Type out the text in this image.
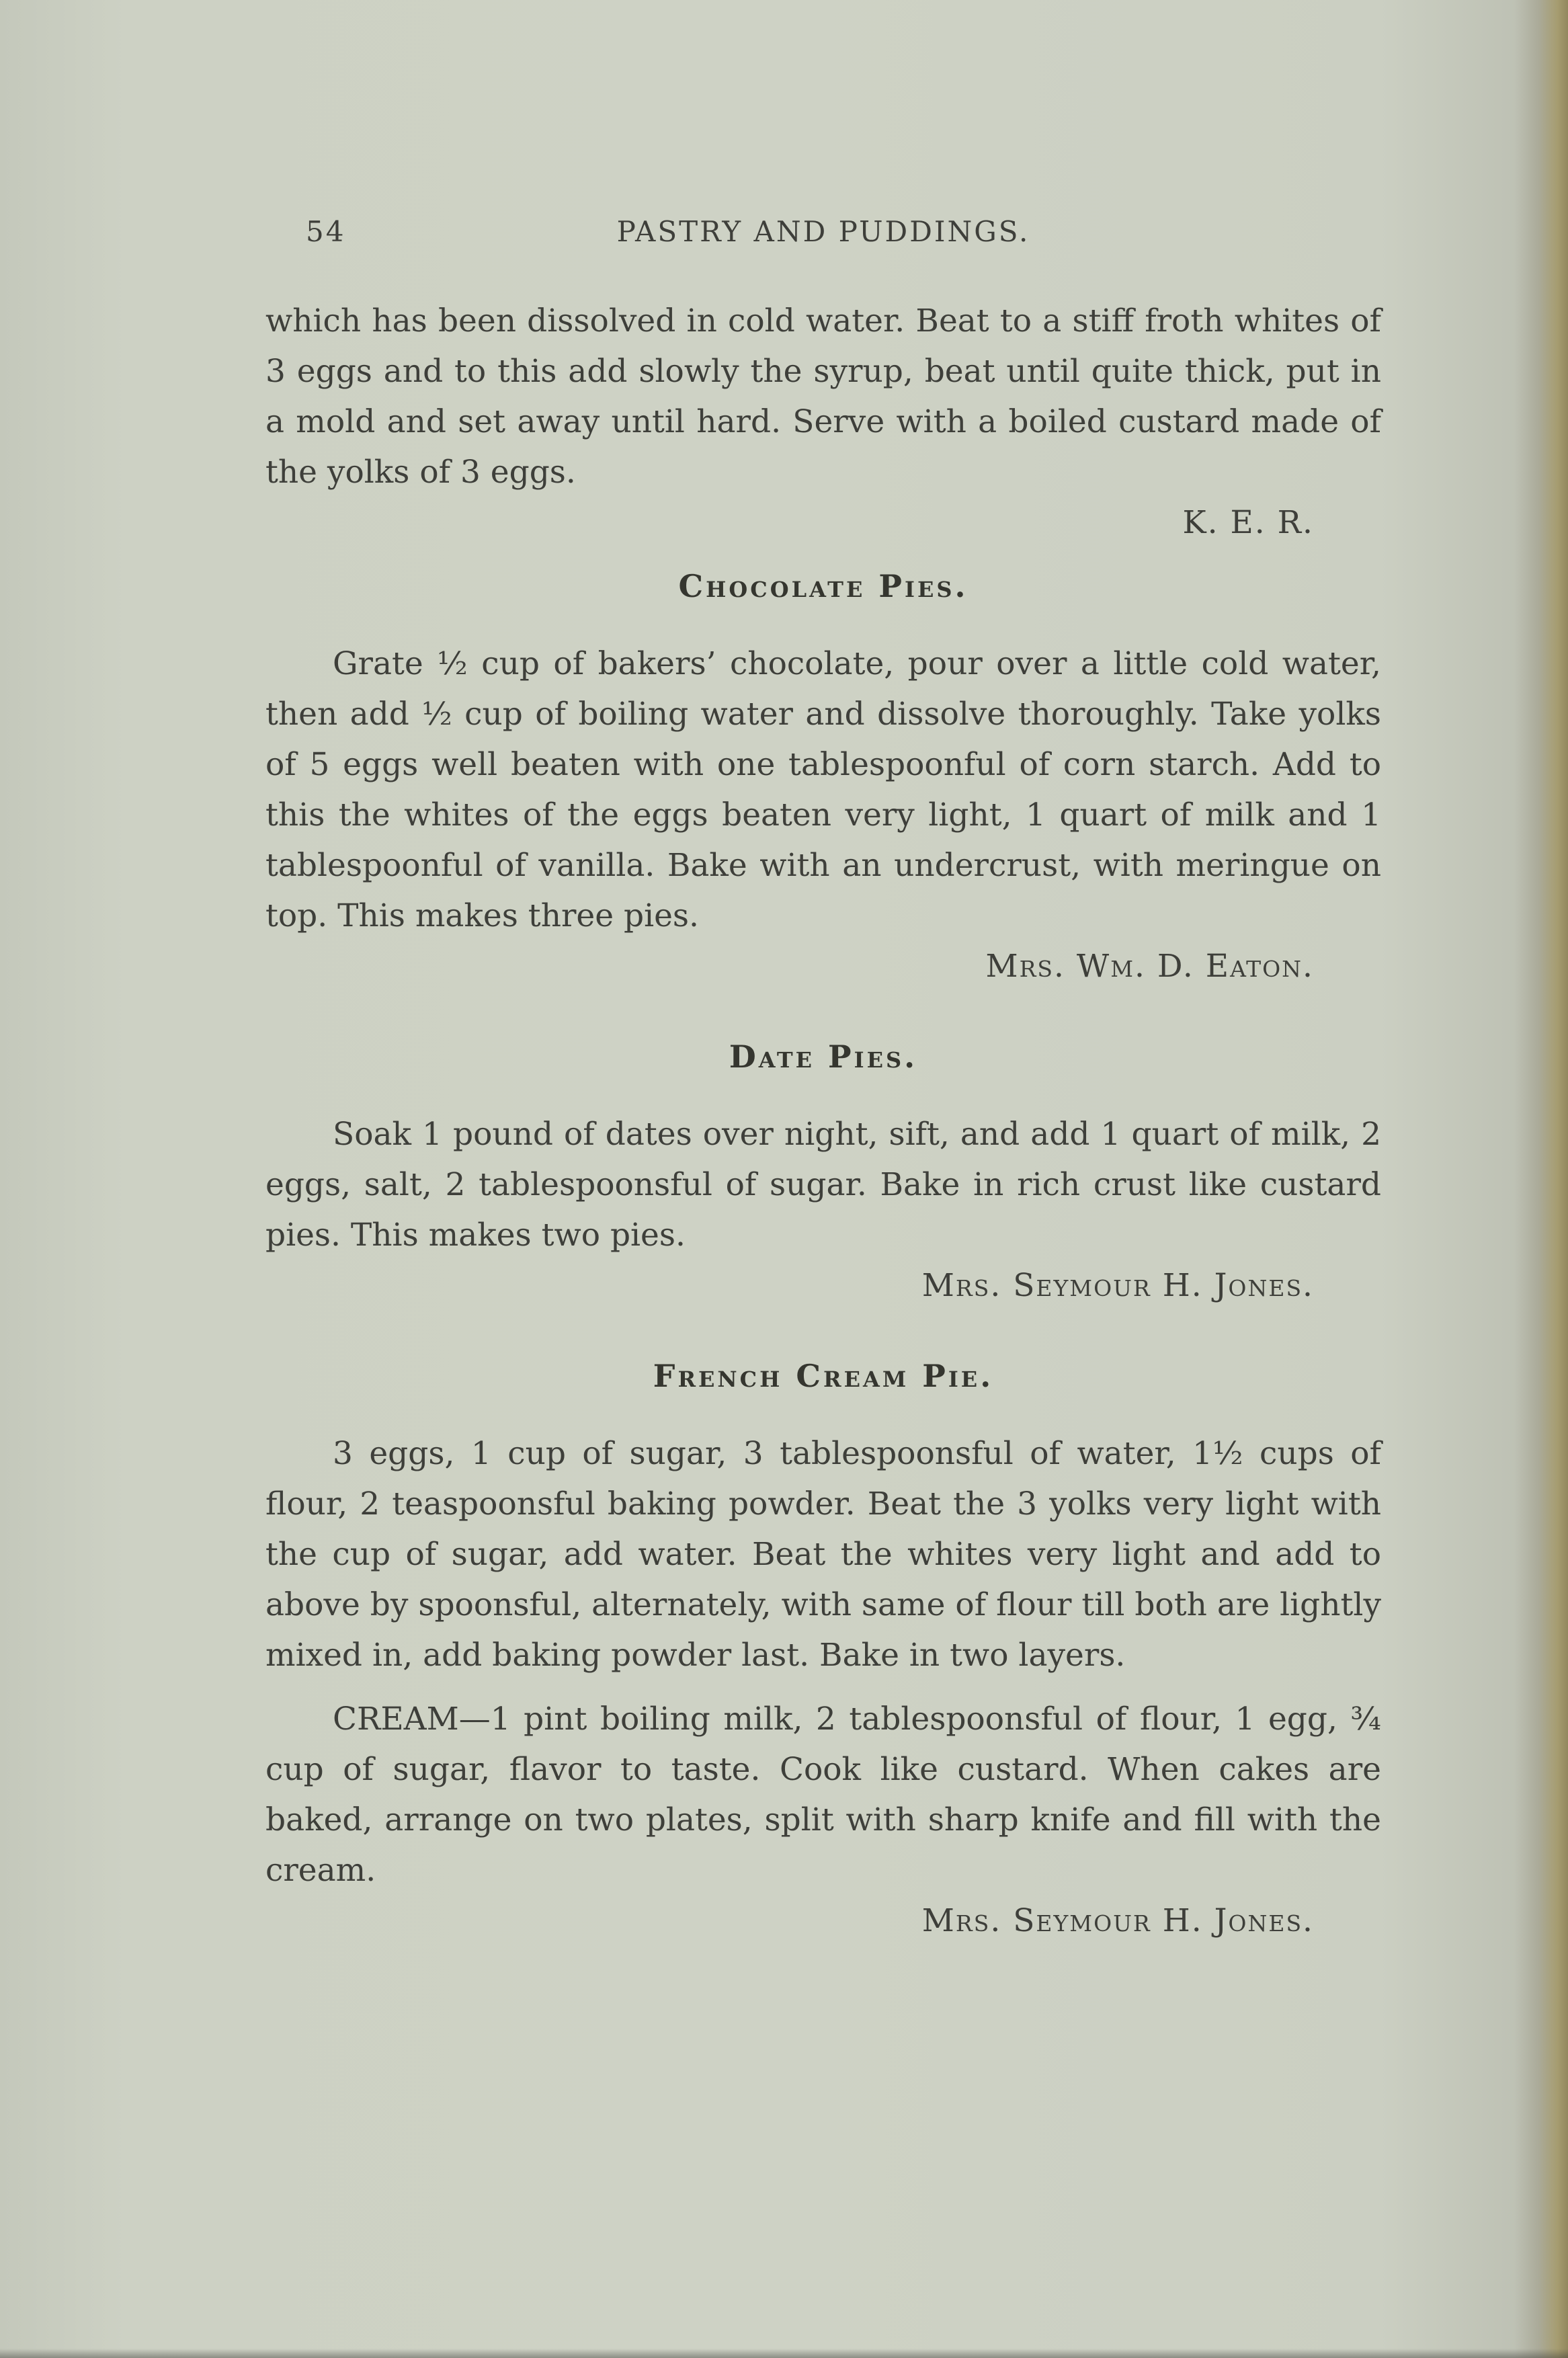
54	PASTRY AND PUDDINGS.

which has been dissolved in cold water. Beat to a stiff froth whites of 3 eggs and to this add slowly the syrup, beat until quite thick, put in a mold and set away until hard. Serve with a boiled custard made of the yolks of 3 eggs.

K. E. R.

Chocolate Pies.

Grate ½ cup of bakers’ chocolate, pour over a little cold water, then add ½ cup of boiling water and dissolve thoroughly. Take yolks of 5 eggs well beaten with one tablespoonful of corn starch. Add to this the whites of the eggs beaten very light, 1 quart of milk and 1 tablespoonful of vanilla. Bake with an undercrust, with meringue on top. This makes three pies.

Mrs. Wm. D. Eaton.

Date Pies.

Soak 1 pound of dates over night, sift, and add 1 quart of milk, 2 eggs, salt, 2 tablespoonsful of sugar. Bake in rich crust like custard pies. This makes two pies.

Mrs. Seymour H. Jones.

French Cream Pie.

3 eggs, 1 cup of sugar, 3 tablespoonsful of water, 1½ cups of flour, 2 teaspoonsful baking powder. Beat the 3 yolks very light with the cup of sugar, add water. Beat the whites very light and add to above by spoonsful, alternately, with same of flour till both are lightly mixed in, add baking powder last. Bake in two layers.

CREAM—1 pint boiling milk, 2 tablespoonsful of flour, 1 egg, ¾ cup of sugar, flavor to taste. Cook like custard. When cakes are baked, arrange on two plates, split with sharp knife and fill with the cream.

Mrs. Seymour H. Jones.
